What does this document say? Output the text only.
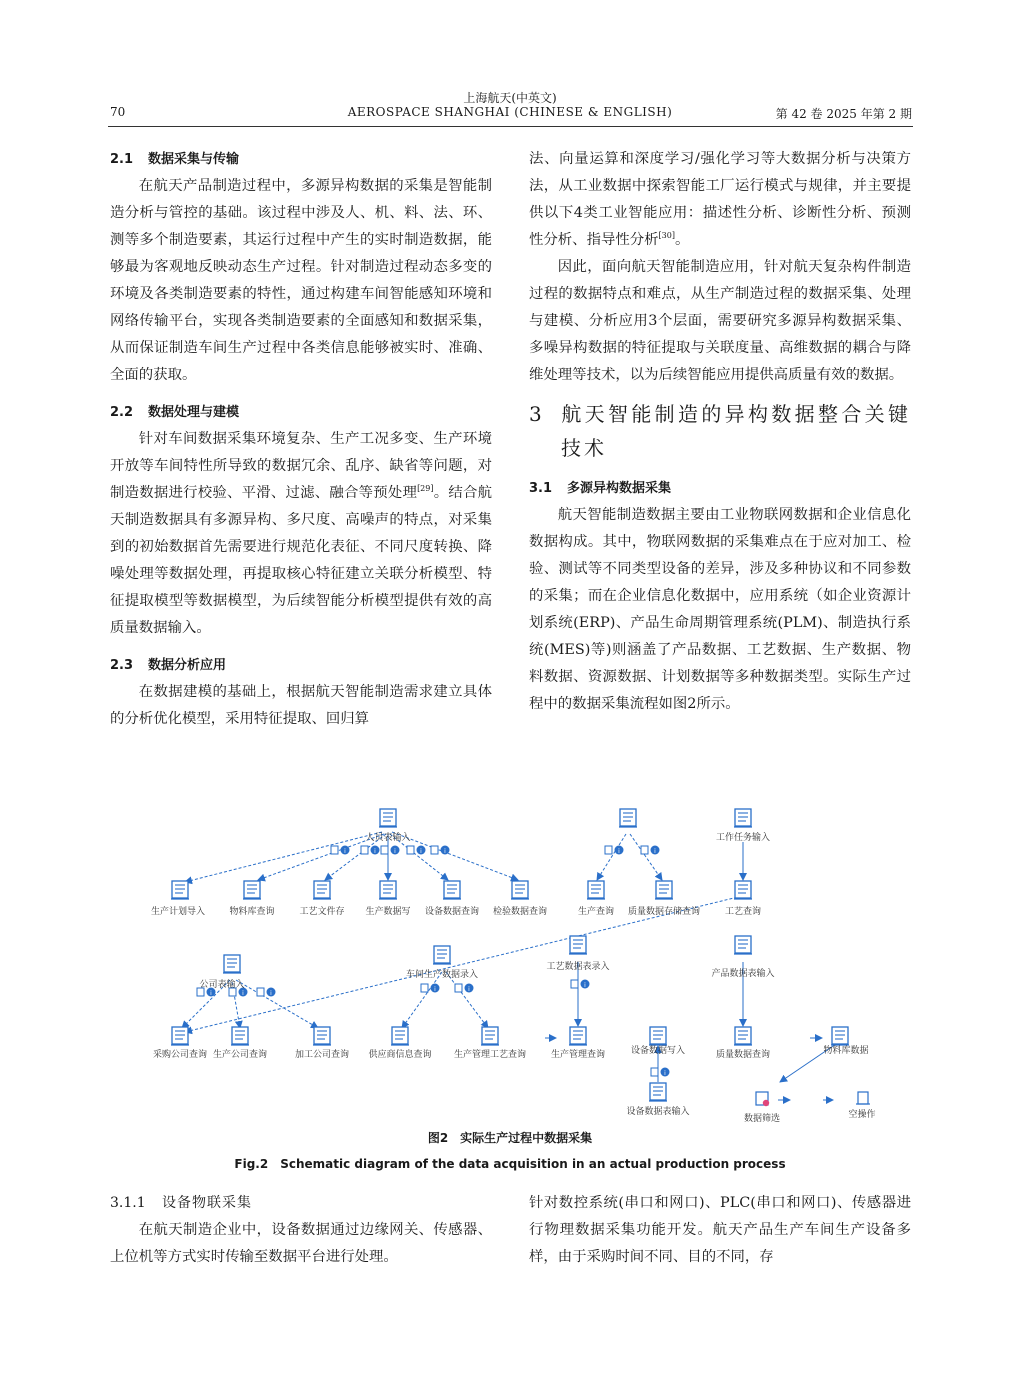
上海航天(中英文)
70	AEROSPACE SHANGHAI (CHINESE & ENGLISH)	第 42 卷 2025 年第 2 期

2.1 数据采集与传输

在航天产品制造过程中，多源异构数据的采集是智能制造分析与管控的基础。该过程中涉及人、机、料、法、环、测等多个制造要素，其运行过程中产生的实时制造数据，能够最为客观地反映动态生产过程。针对制造过程动态多变的环境及各类制造要素的特性，通过构建车间智能感知环境和网络传输平台，实现各类制造要素的全面感知和数据采集，从而保证制造车间生产过程中各类信息能够被实时、准确、全面的获取。

2.2 数据处理与建模

针对车间数据采集环境复杂、生产工况多变、生产环境开放等车间特性所导致的数据冗余、乱序、缺省等问题，对制造数据进行校验、平滑、过滤、融合等预处理[29]。结合航天制造数据具有多源异构、多尺度、高噪声的特点，对采集到的初始数据首先需要进行规范化表征、不同尺度转换、降噪处理等数据处理，再提取核心特征建立关联分析模型、特征提取模型等数据模型，为后续智能分析模型提供有效的高质量数据输入。

2.3 数据分析应用

在数据建模的基础上，根据航天智能制造需求建立具体的分析优化模型，采用特征提取、回归算

法、向量运算和深度学习/强化学习等大数据分析与决策方法，从工业数据中探索智能工厂运行模式与规律，并主要提供以下4类工业智能应用：描述性分析、诊断性分析、预测性分析、指导性分析[30]。

因此，面向航天智能制造应用，针对航天复杂构件制造过程的数据特点和难点，从生产制造过程的数据采集、处理与建模、分析应用3个层面，需要研究多源异构数据采集、多噪异构数据的特征提取与关联度量、高维数据的耦合与降维处理等技术，以为后续智能应用提供高质量有效的数据。

3 航天智能制造的异构数据整合关键技术

3.1 多源异构数据采集

航天智能制造数据主要由工业物联网数据和企业信息化数据构成。其中，物联网数据的采集难点在于应对加工、检验、测试等不同类型设备的差异，涉及多种协议和不同参数的采集；而在企业信息化数据中，应用系统（如企业资源计划系统(ERP)、产品生命周期管理系统(PLM)、制造执行系统(MES)等)则涵盖了产品数据、工艺数据、生产数据、物料数据、资源数据、计划数据等多种数据类型。实际生产过程中的数据采集流程如图2所示。

i
人员表输入	工作任务输入
生产计划导入	物料库查询	工艺文件存 生产数据写 设备数据查询 检验数据查询	生产查询 质量数据存储查询	工艺查询
公司表输入
车间生产数据录入
工艺数据表录入
产品数据表输入
采购公司查询 生产公司查询	加工公司查询 供应商信息查询 生产管理工艺查询	生产管理查询	设备数据写入	质量数据查询	物料库数据
设备数据表输入
数据筛选	空操作
图2　实际生产过程中数据采集
Fig.2　Schematic diagram of the data acquisition in an actual production process

3.1.1 设备物联采集

在航天制造企业中，设备数据通过边缘网关、传感器、上位机等方式实时传输至数据平台进行处理。

针对数控系统(串口和网口)、PLC(串口和网口)、传感器进行物理数据采集功能开发。航天产品生产车间生产设备多样，由于采购时间不同、目的不同，存
